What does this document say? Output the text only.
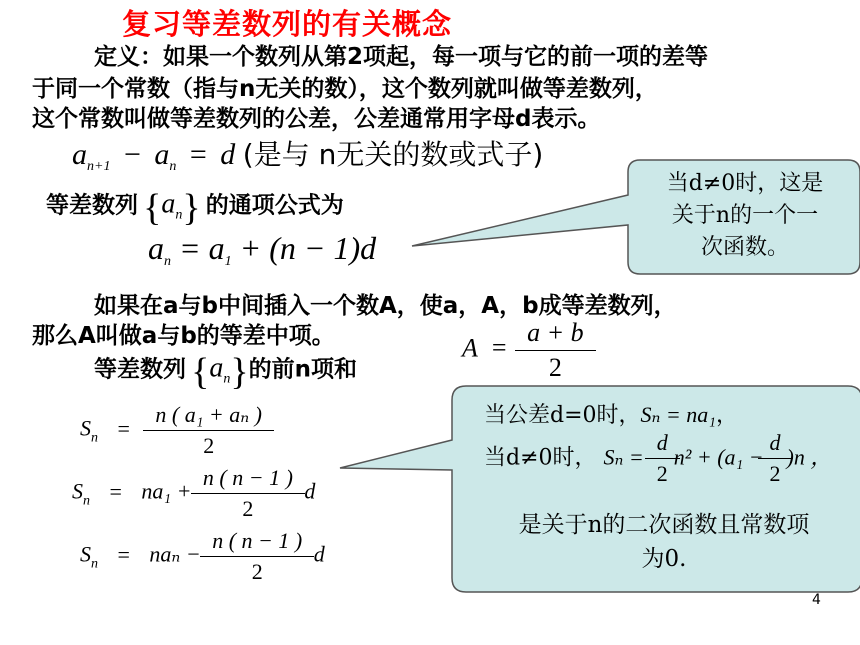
复习等差数列的有关概念
定义：如果一个数列从第2项起，每一项与它的前一项的差等
于同一个常数（指与n无关的数），这个数列就叫做等差数列，
这个常数叫做等差数列的公差，公差通常用字母d表示。
$a_{n+1} - a_n = d$ (是与 n无关的数或式子)
等差数列 {an} 的通项公式为
$a_n = a_1 + (n - 1)d$
当d≠0时，这是
关于n的一个一
次函数。
如果在a与b中间插入一个数A，使a，A，b成等差数列，
那么A叫做a与b的等差中项。	$A = \frac{a + b}{2}$
等差数列 {an}的前n项和
$S_n = \frac{\text{n ( a₁ + aₙ )}}{2}$
$S_n = na_1 + \frac{n ( n - 1 )}{2}$ d
$S_n = na_n - \frac{n ( n - 1 )}{2}$ d
当公差d=0时，Sₙ = na₁，
当d≠0时， $S_n = \frac{d}{2} n^2 + (a_1 - \frac{d}{2} )n$ ，
是关于n的二次函数且常数项
为0.
4
